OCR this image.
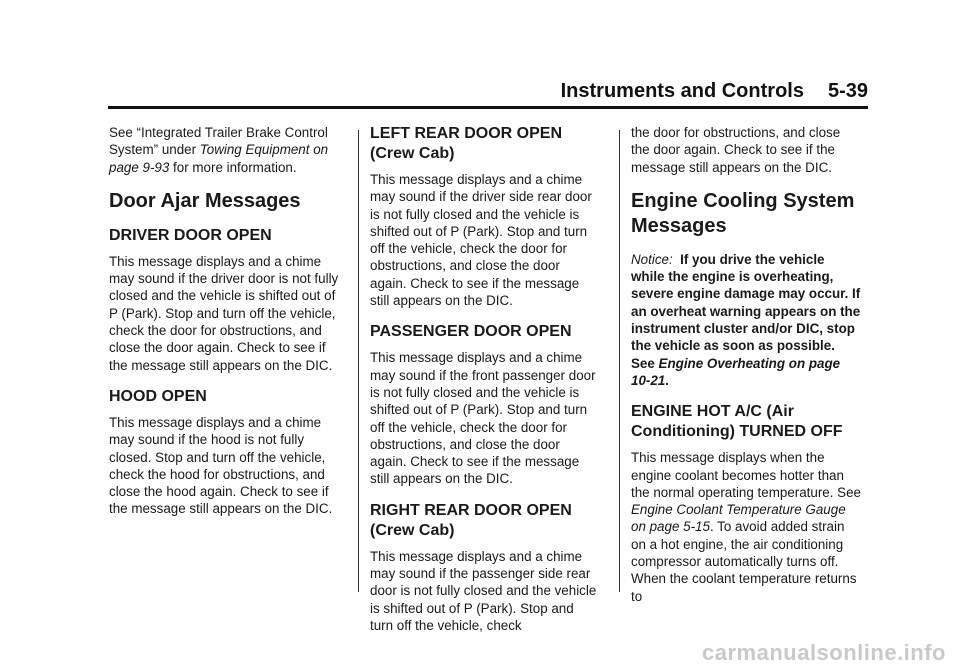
Instruments and Controls 5-39

See “Integrated Trailer Brake Control System” under Towing Equipment on page 9-93 for more information.

Door Ajar Messages
DRIVER DOOR OPEN

This message displays and a chime may sound if the driver door is not fully closed and the vehicle is shifted out of P (Park). Stop and turn off the vehicle, check the door for obstructions, and close the door again. Check to see if the message still appears on the DIC.

HOOD OPEN

This message displays and a chime may sound if the hood is not fully closed. Stop and turn off the vehicle, check the hood for obstructions, and close the hood again. Check to see if the message still appears on the DIC.

LEFT REAR DOOR OPEN (Crew Cab)

This message displays and a chime may sound if the driver side rear door is not fully closed and the vehicle is shifted out of P (Park). Stop and turn off the vehicle, check the door for obstructions, and close the door again. Check to see if the message still appears on the DIC.

PASSENGER DOOR OPEN

This message displays and a chime may sound if the front passenger door is not fully closed and the vehicle is shifted out of P (Park). Stop and turn off the vehicle, check the door for obstructions, and close the door again. Check to see if the message still appears on the DIC.

RIGHT REAR DOOR OPEN (Crew Cab)

This message displays and a chime may sound if the passenger side rear door is not fully closed and the vehicle is shifted out of P (Park). Stop and turn off the vehicle, check

the door for obstructions, and close the door again. Check to see if the message still appears on the DIC.

Engine Cooling System Messages

Notice: If you drive the vehicle while the engine is overheating, severe engine damage may occur. If an overheat warning appears on the instrument cluster and/or DIC, stop the vehicle as soon as possible. See Engine Overheating on page 10-21.

ENGINE HOT A/C (Air Conditioning) TURNED OFF

This message displays when the engine coolant becomes hotter than the normal operating temperature. See Engine Coolant Temperature Gauge on page 5-15. To avoid added strain on a hot engine, the air conditioning compressor automatically turns off. When the coolant temperature returns to

carmanualsonline.info
